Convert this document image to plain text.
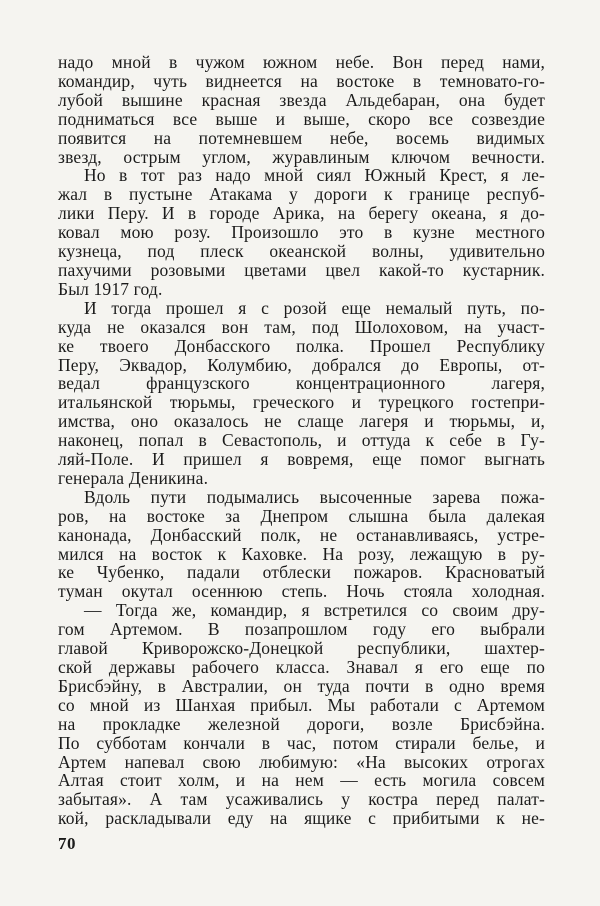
надо мной в чужом южном небе. Вон перед нами,
командир, чуть виднеется на востоке в темновато-го-
лубой вышине красная звезда Альдебаран, она будет
подниматься все выше и выше, скоро все созвездие
появится на потемневшем небе, восемь видимых
звезд, острым углом, журавлиным ключом вечности.
Но в тот раз надо мной сиял Южный Крест, я ле-
жал в пустыне Атакама у дороги к границе респуб-
лики Перу. И в городе Арика, на берегу океана, я до-
ковал мою розу. Произошло это в кузне местного
кузнеца, под плеск океанской волны, удивительно
пахучими розовыми цветами цвел какой-то кустарник.
Был 1917 год.
И тогда прошел я с розой еще немалый путь, по-
куда не оказался вон там, под Шолоховом, на участ-
ке твоего Донбасского полка. Прошел Республику
Перу, Эквадор, Колумбию, добрался до Европы, от-
ведал французского концентрационного лагеря,
итальянской тюрьмы, греческого и турецкого гостепри-
имства, оно оказалось не слаще лагеря и тюрьмы, и,
наконец, попал в Севастополь, и оттуда к себе в Гу-
ляй-Поле. И пришел я вовремя, еще помог выгнать
генерала Деникина.
Вдоль пути подымались высоченные зарева пожа-
ров, на востоке за Днепром слышна была далекая
канонада, Донбасский полк, не останавливаясь, устре-
мился на восток к Каховке. На розу, лежащую в ру-
ке Чубенко, падали отблески пожаров. Красноватый
туман окутал осеннюю степь. Ночь стояла холодная.
— Тогда же, командир, я встретился со своим дру-
гом Артемом. В позапрошлом году его выбрали
главой Криворожско-Донецкой республики, шахтер-
ской державы рабочего класса. Знавал я его еще по
Брисбэйну, в Австралии, он туда почти в одно время
со мной из Шанхая прибыл. Мы работали с Артемом
на прокладке железной дороги, возле Брисбэйна.
По субботам кончали в час, потом стирали белье, и
Артем напевал свою любимую: «На высоких отрогах
Алтая стоит холм, и на нем — есть могила совсем
забытая». А там усаживались у костра перед палат-
кой, раскладывали еду на ящике с прибитыми к не-
70
